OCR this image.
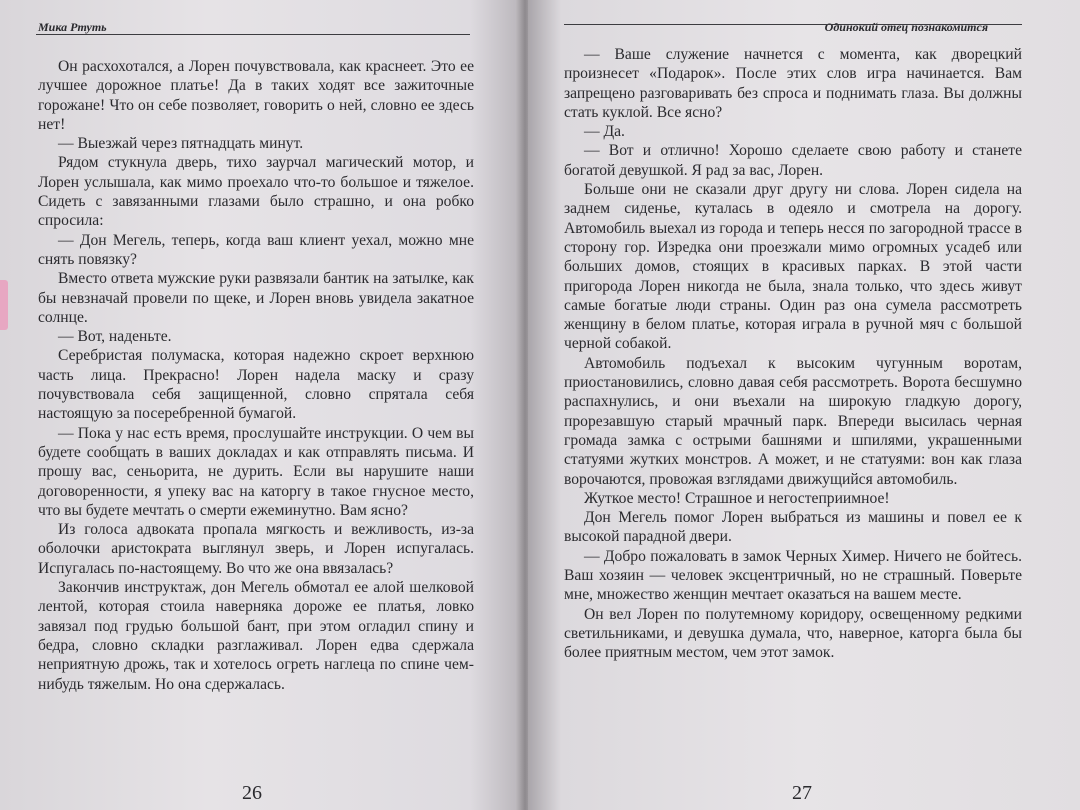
Мика Ртуть

Он расхохотался, а Лорен почувствовала, как краснеет. Это ее лучшее дорожное платье! Да в таких ходят все зажиточные горожане! Что он себе позволяет, говорить о ней, словно ее здесь нет!

— Выезжай через пятнадцать минут.

Рядом стукнула дверь, тихо заурчал магический мотор, и Лорен услышала, как мимо проехало что-то большое и тяжелое. Сидеть с завязанными глазами было страшно, и она робко спросила:

— Дон Мегель, теперь, когда ваш клиент уехал, можно мне снять повязку?

Вместо ответа мужские руки развязали бантик на затылке, как бы невзначай провели по щеке, и Лорен вновь увидела закатное солнце.

— Вот, наденьте.

Серебристая полумаска, которая надежно скроет верхнюю часть лица. Прекрасно! Лорен надела маску и сразу почувствовала себя защищенной, словно спрятала себя настоящую за посеребренной бумагой.

— Пока у нас есть время, прослушайте инструкции. О чем вы будете сообщать в ваших докладах и как отправлять письма. И прошу вас, сеньорита, не дурить. Если вы нарушите наши договоренности, я упеку вас на каторгу в такое гнусное место, что вы будете мечтать о смерти ежеминутно. Вам ясно?

Из голоса адвоката пропала мягкость и вежливость, из-за оболочки аристократа выглянул зверь, и Лорен испугалась. Испугалась по-настоящему. Во что же она ввязалась?

Закончив инструктаж, дон Мегель обмотал ее алой шелковой лентой, которая стоила наверняка дороже ее платья, ловко завязал под грудью большой бант, при этом огладил спину и бедра, словно складки разглаживал. Лорен едва сдержала неприятную дрожь, так и хотелось огреть наглеца по спине чем-нибудь тяжелым. Но она сдержалась.

26
Одинокий отец познакомится

— Ваше служение начнется с момента, как дворецкий произнесет «Подарок». После этих слов игра начинается. Вам запрещено разговаривать без спроса и поднимать глаза. Вы должны стать куклой. Все ясно?

— Да.

— Вот и отлично! Хорошо сделаете свою работу и станете богатой девушкой. Я рад за вас, Лорен.

Больше они не сказали друг другу ни слова. Лорен сидела на заднем сиденье, куталась в одеяло и смотрела на дорогу. Автомобиль выехал из города и теперь несся по загородной трассе в сторону гор. Изредка они проезжали мимо огромных усадеб или больших домов, стоящих в красивых парках. В этой части пригорода Лорен никогда не была, знала только, что здесь живут самые богатые люди страны. Один раз она сумела рассмотреть женщину в белом платье, которая играла в ручной мяч с большой черной собакой.

Автомобиль подъехал к высоким чугунным воротам, приостановились, словно давая себя рассмотреть. Ворота бесшумно распахнулись, и они въехали на широкую гладкую дорогу, прорезавшую старый мрачный парк. Впереди высилась черная громада замка с острыми башнями и шпилями, украшенными статуями жутких монстров. А может, и не статуями: вон как глаза ворочаются, провожая взглядами движущийся автомобиль.

Жуткое место! Страшное и негостеприимное!

Дон Мегель помог Лорен выбраться из машины и повел ее к высокой парадной двери.

— Добро пожаловать в замок Черных Химер. Ничего не бойтесь. Ваш хозяин — человек эксцентричный, но не страшный. Поверьте мне, множество женщин мечтает оказаться на вашем месте.

Он вел Лорен по полутемному коридору, освещенному редкими светильниками, и девушка думала, что, наверное, каторга была бы более приятным местом, чем этот замок.

27
